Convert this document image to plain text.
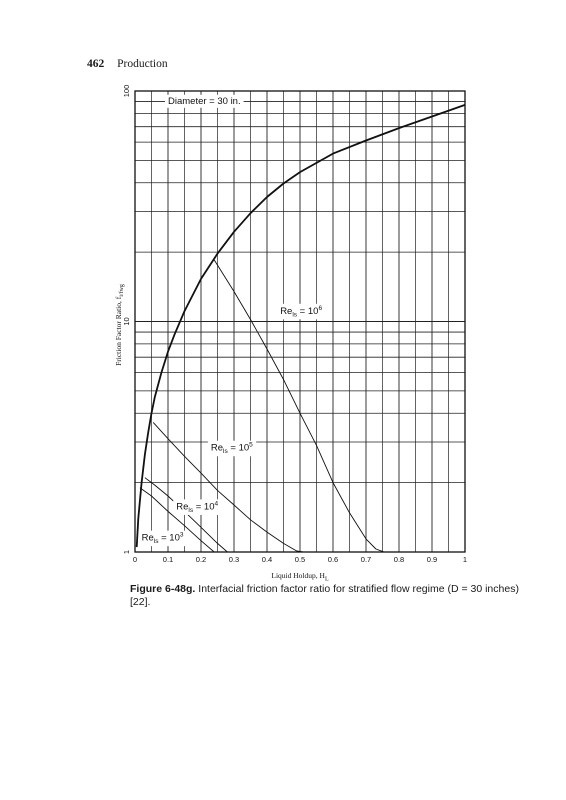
462 Production
Diameter = 30 in.
$Re_{ls} = 10^6$
$Re_{ls} = 10^5$
$Re_{ls} = 10^4$
$Re_{ls} = 10^3$
0	0.1	0.2	0.3	0.4	0.5	0.6	0.7	0.8	0.9	1
1
10
100
Liquid Holdup, $H_L$
Friction Factor Ratio, $f_{i/f}wg$
Figure 6-48g. Interfacial friction factor ratio for stratified flow regime (D = 30 inches) [22].
